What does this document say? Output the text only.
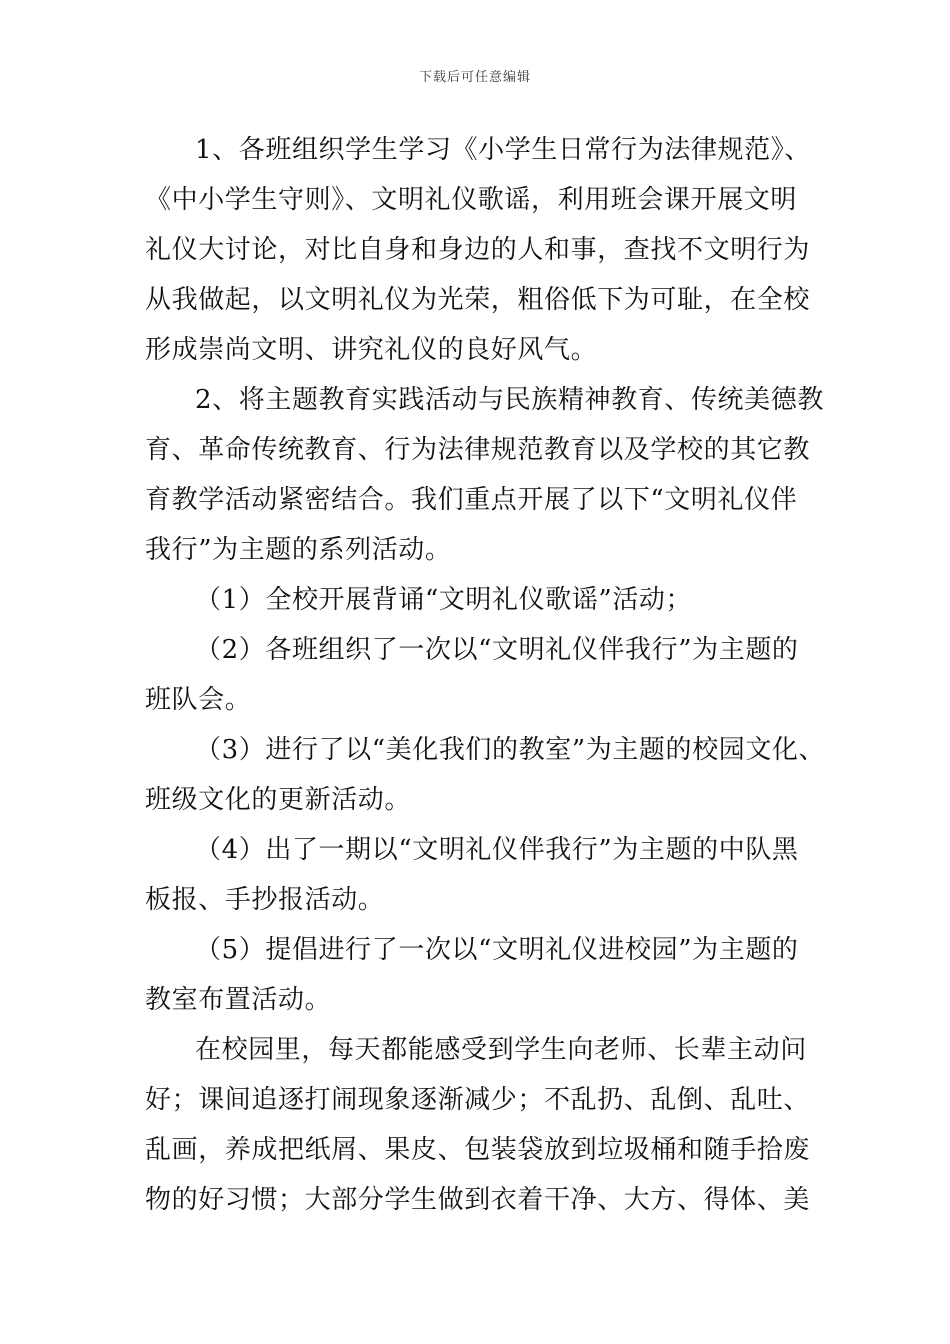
下载后可任意编辑
1、各班组织学生学习《小学生日常行为法律规范》、
《中小学生守则》、文明礼仪歌谣，利用班会课开展文明
礼仪大讨论，对比自身和身边的人和事，查找不文明行为
从我做起，以文明礼仪为光荣，粗俗低下为可耻，在全校
形成崇尚文明、讲究礼仪的良好风气。
2、将主题教育实践活动与民族精神教育、传统美德教
育、革命传统教育、行为法律规范教育以及学校的其它教
育教学活动紧密结合。我们重点开展了以下“文明礼仪伴
我行”为主题的系列活动。
（1）全校开展背诵“文明礼仪歌谣”活动；
（2）各班组织了一次以“文明礼仪伴我行”为主题的
班队会。
（3）进行了以“美化我们的教室”为主题的校园文化、
班级文化的更新活动。
（4）出了一期以“文明礼仪伴我行”为主题的中队黑
板报、手抄报活动。
（5）提倡进行了一次以“文明礼仪进校园”为主题的
教室布置活动。
在校园里，每天都能感受到学生向老师、长辈主动问
好；课间追逐打闹现象逐渐减少；不乱扔、乱倒、乱吐、
乱画，养成把纸屑、果皮、包装袋放到垃圾桶和随手拾废
物的好习惯；大部分学生做到衣着干净、大方、得体、美
